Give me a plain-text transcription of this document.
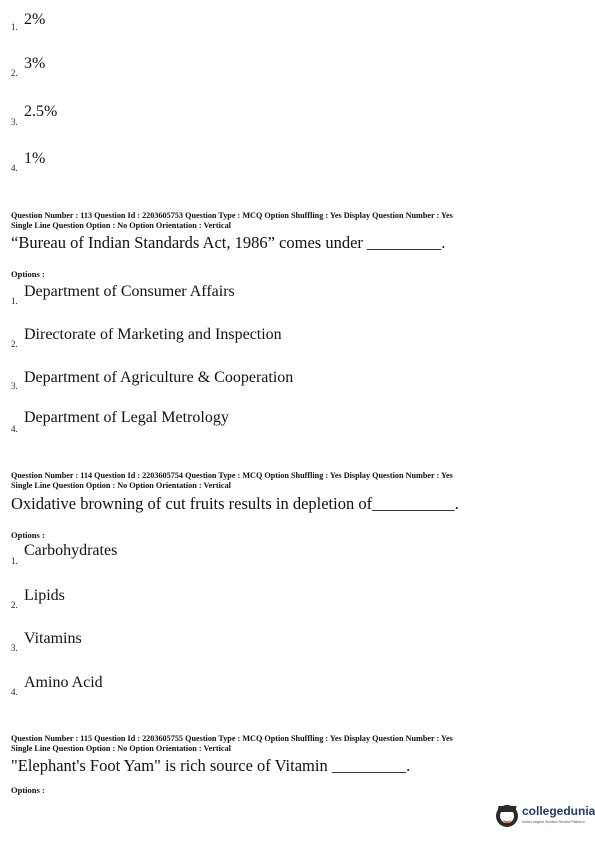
1. 2%
2.
3%
3.
2.5%
4.
1%
Question Number : 113 Question Id : 2203605753 Question Type : MCQ Option Shuffling : Yes Display Question Number : Yes
Single Line Question Option : No Option Orientation : Vertical
“Bureau of Indian Standards Act, 1986” comes under _________.
Options :
1.
Department of Consumer Affairs
2.
Directorate of Marketing and Inspection
3. Department of Agriculture & Cooperation
4.
Department of Legal Metrology
Question Number : 114 Question Id : 2203605754 Question Type : MCQ Option Shuffling : Yes Display Question Number : Yes
Single Line Question Option : No Option Orientation : Vertical
Oxidative browning of cut fruits results in depletion of__________.
Options :
1.
Carbohydrates
2.
Lipids
3.
Vitamins
4.
Amino Acid
Question Number : 115 Question Id : 2203605755 Question Type : MCQ Option Shuffling : Yes Display Question Number : Yes
Single Line Question Option : No Option Orientation : Vertical
"Elephant's Foot Yam" is rich source of Vitamin _________.
Options :
collegedunia
India's largest Student Review Platform
